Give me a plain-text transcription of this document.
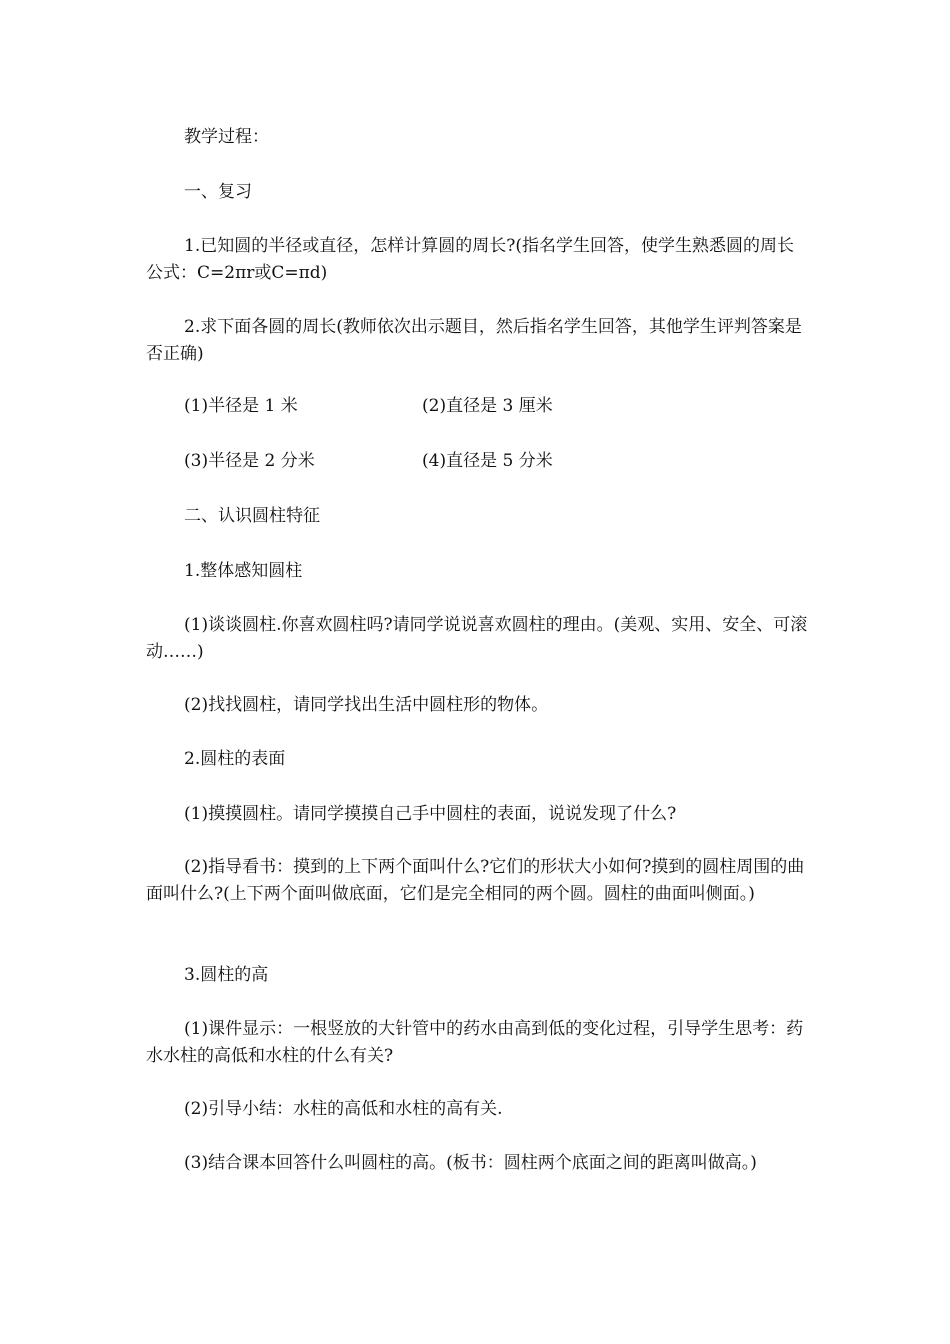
教学过程：

一、复习

1.已知圆的半径或直径，怎样计算圆的周长?(指名学生回答，使学生熟悉圆的周长公式：C=2πr或C=πd)

2.求下面各圆的周长(教师依次出示题目，然后指名学生回答，其他学生评判答案是否正确)

(1)半径是 1 米	(2)直径是 3 厘米
(3)半径是 2 分米	(4)直径是 5 分米

二、认识圆柱特征

1.整体感知圆柱

(1)谈谈圆柱.你喜欢圆柱吗?请同学说说喜欢圆柱的理由。(美观、实用、安全、可滚动……)

(2)找找圆柱，请同学找出生活中圆柱形的物体。

2.圆柱的表面

(1)摸摸圆柱。请同学摸摸自己手中圆柱的表面，说说发现了什么?

(2)指导看书：摸到的上下两个面叫什么?它们的形状大小如何?摸到的圆柱周围的曲面叫什么?(上下两个面叫做底面，它们是完全相同的两个圆。圆柱的曲面叫侧面。)

3.圆柱的高

(1)课件显示：一根竖放的大针管中的药水由高到低的变化过程，引导学生思考：药水水柱的高低和水柱的什么有关?

(2)引导小结：水柱的高低和水柱的高有关.

(3)结合课本回答什么叫圆柱的高。(板书：圆柱两个底面之间的距离叫做高。)
